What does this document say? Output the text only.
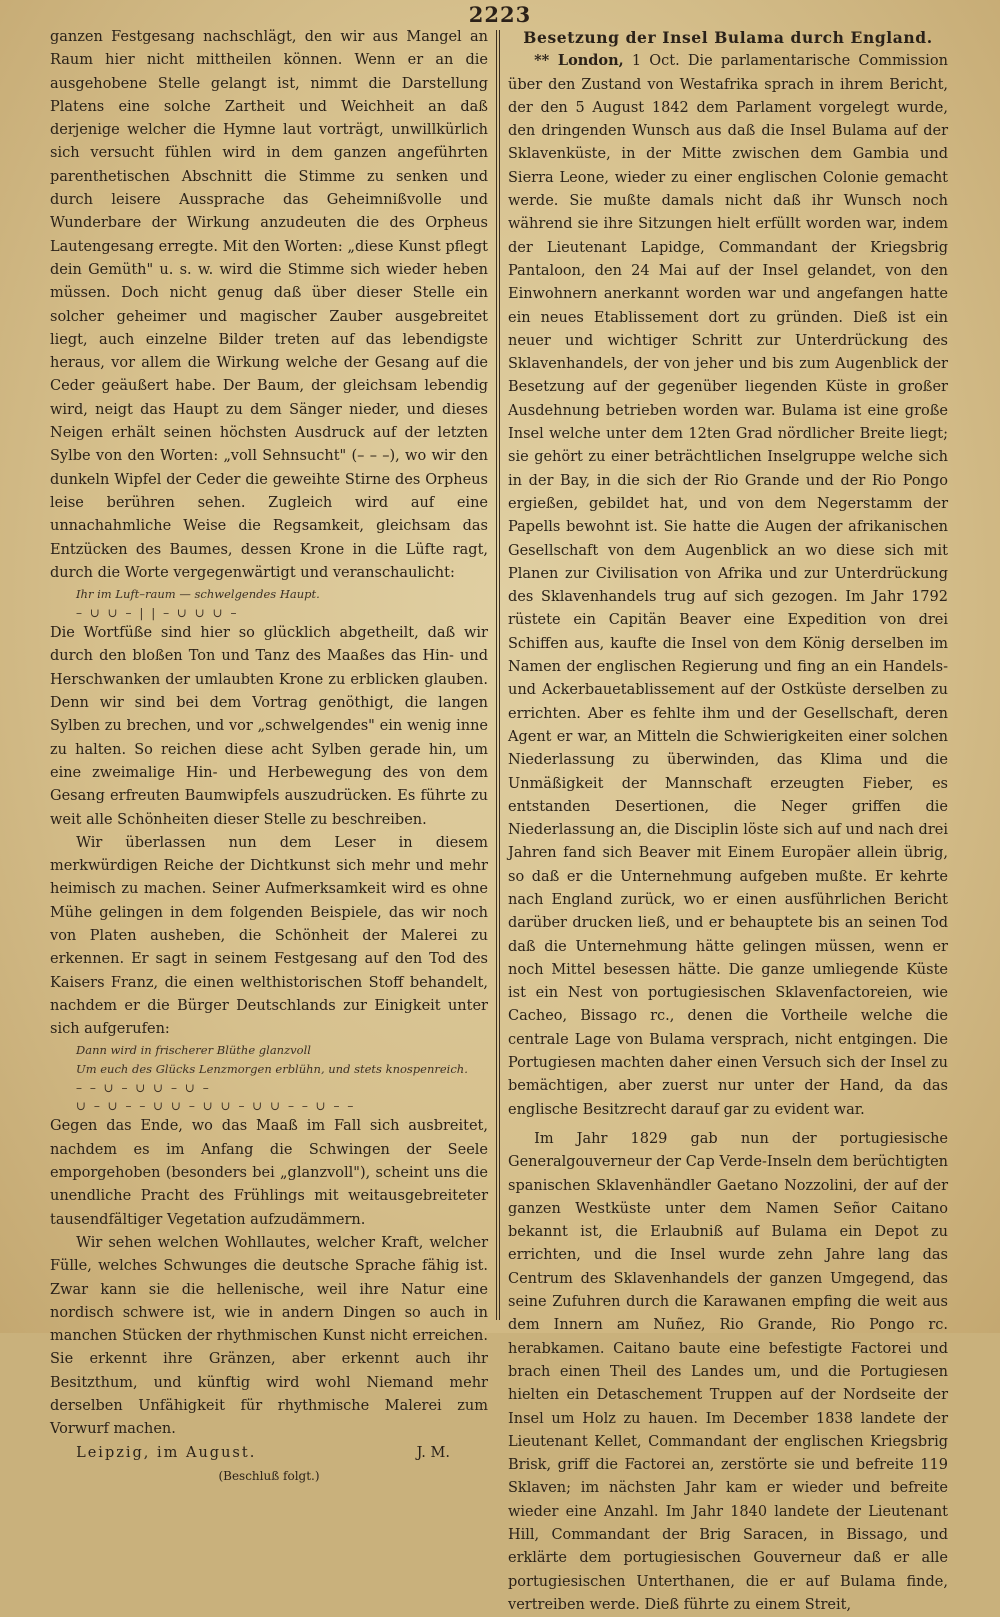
2223

ganzen Festgesang nachschlägt, den wir aus Mangel an Raum hier nicht mittheilen können. Wenn er an die ausgehobene Stelle gelangt ist, nimmt die Darstellung Platens eine solche Zartheit und Weichheit an daß derjenige welcher die Hymne laut vorträgt, unwillkürlich sich versucht fühlen wird in dem ganzen angeführten parenthetischen Abschnitt die Stimme zu senken und durch leisere Aussprache das Geheimnißvolle und Wunderbare der Wirkung anzudeuten die des Orpheus Lautengesang erregte. Mit den Worten: „diese Kunst pflegt dein Gemüth" u. s. w. wird die Stimme sich wieder heben müssen. Doch nicht genug daß über dieser Stelle ein solcher geheimer und magischer Zauber ausgebreitet liegt, auch einzelne Bilder treten auf das lebendigste heraus, vor allem die Wirkung welche der Gesang auf die Ceder geäußert habe. Der Baum, der gleichsam lebendig wird, neigt das Haupt zu dem Sänger nieder, und dieses Neigen erhält seinen höchsten Ausdruck auf der letzten Sylbe von den Worten: „voll Sehnsucht" (– – –), wo wir den dunkeln Wipfel der Ceder die geweihte Stirne des Orpheus leise berühren sehen. Zugleich wird auf eine unnachahmliche Weise die Regsamkeit, gleichsam das Entzücken des Baumes, dessen Krone in die Lüfte ragt, durch die Worte vergegenwärtigt und veranschaulicht:

Ihr im Luft–raum — schwelgendes Haupt.

– ∪ ∪ – | | – ∪ ∪ ∪ –

Die Wortfüße sind hier so glücklich abgetheilt, daß wir durch den bloßen Ton und Tanz des Maaßes das Hin- und Herschwanken der umlaubten Krone zu erblicken glauben. Denn wir sind bei dem Vortrag genöthigt, die langen Sylben zu brechen, und vor „schwelgendes" ein wenig inne zu halten. So reichen diese acht Sylben gerade hin, um eine zweimalige Hin- und Herbewegung des von dem Gesang erfreuten Baumwipfels auszudrücken. Es führte zu weit alle Schönheiten dieser Stelle zu beschreiben.

Wir überlassen nun dem Leser in diesem merkwürdigen Reiche der Dichtkunst sich mehr und mehr heimisch zu machen. Seiner Aufmerksamkeit wird es ohne Mühe gelingen in dem folgenden Beispiele, das wir noch von Platen ausheben, die Schönheit der Malerei zu erkennen. Er sagt in seinem Festgesang auf den Tod des Kaisers Franz, die einen welthistorischen Stoff behandelt, nachdem er die Bürger Deutschlands zur Einigkeit unter sich aufgerufen:

Dann wird in frischerer Blüthe glanzvoll

Um euch des Glücks Lenzmorgen erblühn, und stets knospenreich.

– – ∪ – ∪ ∪ – ∪ –

∪ – ∪ – – ∪ ∪ – ∪ ∪ – ∪ ∪ – – ∪ – –

Gegen das Ende, wo das Maaß im Fall sich ausbreitet, nachdem es im Anfang die Schwingen der Seele emporgehoben (besonders bei „glanzvoll"), scheint uns die unendliche Pracht des Frühlings mit weitausgebreiteter tausendfältiger Vegetation aufzudämmern.

Wir sehen welchen Wohllautes, welcher Kraft, welcher Fülle, welches Schwunges die deutsche Sprache fähig ist. Zwar kann sie die hellenische, weil ihre Natur eine nordisch schwere ist, wie in andern Dingen so auch in manchen Stücken der rhythmischen Kunst nicht erreichen. Sie erkennt ihre Gränzen, aber erkennt auch ihr Besitzthum, und künftig wird wohl Niemand mehr derselben Unfähigkeit für rhythmische Malerei zum Vorwurf machen.

Leipzig, im August.	J. M.

(Beschluß folgt.)

Besetzung der Insel Bulama durch England.

** London, 1 Oct. Die parlamentarische Commission über den Zustand von Westafrika sprach in ihrem Bericht, der den 5 August 1842 dem Parlament vorgelegt wurde, den dringenden Wunsch aus daß die Insel Bulama auf der Sklavenküste, in der Mitte zwischen dem Gambia und Sierra Leone, wieder zu einer englischen Colonie gemacht werde. Sie mußte damals nicht daß ihr Wunsch noch während sie ihre Sitzungen hielt erfüllt worden war, indem der Lieutenant Lapidge, Commandant der Kriegsbrig Pantaloon, den 24 Mai auf der Insel gelandet, von den Einwohnern anerkannt worden war und angefangen hatte ein neues Etablissement dort zu gründen. Dieß ist ein neuer und wichtiger Schritt zur Unterdrückung des Sklavenhandels, der von jeher und bis zum Augenblick der Besetzung auf der gegenüber liegenden Küste in großer Ausdehnung betrieben worden war. Bulama ist eine große Insel welche unter dem 12ten Grad nördlicher Breite liegt; sie gehört zu einer beträchtlichen Inselgruppe welche sich in der Bay, in die sich der Rio Grande und der Rio Pongo ergießen, gebildet hat, und von dem Negerstamm der Papells bewohnt ist. Sie hatte die Augen der afrikanischen Gesellschaft von dem Augenblick an wo diese sich mit Planen zur Civilisation von Afrika und zur Unterdrückung des Sklavenhandels trug auf sich gezogen. Im Jahr 1792 rüstete ein Capitän Beaver eine Expedition von drei Schiffen aus, kaufte die Insel von dem König derselben im Namen der englischen Regierung und fing an ein Handels- und Ackerbauetablissement auf der Ostküste derselben zu errichten. Aber es fehlte ihm und der Gesellschaft, deren Agent er war, an Mitteln die Schwierigkeiten einer solchen Niederlassung zu überwinden, das Klima und die Unmäßigkeit der Mannschaft erzeugten Fieber, es entstanden Desertionen, die Neger griffen die Niederlassung an, die Disciplin löste sich auf und nach drei Jahren fand sich Beaver mit Einem Europäer allein übrig, so daß er die Unternehmung aufgeben mußte. Er kehrte nach England zurück, wo er einen ausführlichen Bericht darüber drucken ließ, und er behauptete bis an seinen Tod daß die Unternehmung hätte gelingen müssen, wenn er noch Mittel besessen hätte. Die ganze umliegende Küste ist ein Nest von portugiesischen Sklavenfactoreien, wie Cacheo, Bissago rc., denen die Vortheile welche die centrale Lage von Bulama versprach, nicht entgingen. Die Portugiesen machten daher einen Versuch sich der Insel zu bemächtigen, aber zuerst nur unter der Hand, da das englische Besitzrecht darauf gar zu evident war.

Im Jahr 1829 gab nun der portugiesische Generalgouverneur der Cap Verde-Inseln dem berüchtigten spanischen Sklavenhändler Gaetano Nozzolini, der auf der ganzen Westküste unter dem Namen Señor Caitano bekannt ist, die Erlaubniß auf Bulama ein Depot zu errichten, und die Insel wurde zehn Jahre lang das Centrum des Sklavenhandels der ganzen Umgegend, das seine Zufuhren durch die Karawanen empfing die weit aus dem Innern am Nuñez, Rio Grande, Rio Pongo rc. herabkamen. Caitano baute eine befestigte Factorei und brach einen Theil des Landes um, und die Portugiesen hielten ein Detaschement Truppen auf der Nordseite der Insel um Holz zu hauen. Im December 1838 landete der Lieutenant Kellet, Commandant der englischen Kriegsbrig Brisk, griff die Factorei an, zerstörte sie und befreite 119 Sklaven; im nächsten Jahr kam er wieder und befreite wieder eine Anzahl. Im Jahr 1840 landete der Lieutenant Hill, Commandant der Brig Saracen, in Bissago, und erklärte dem portugiesischen Gouverneur daß er alle portugiesischen Unterthanen, die er auf Bulama finde, vertreiben werde. Dieß führte zu einem Streit,
